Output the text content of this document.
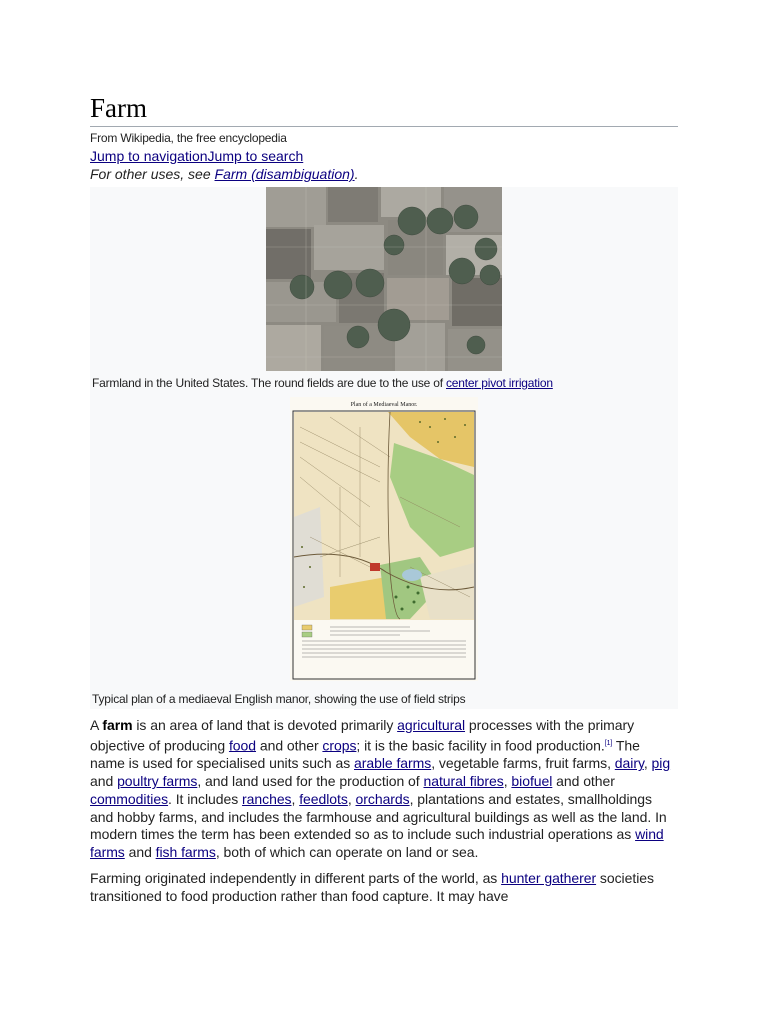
Farm
From Wikipedia, the free encyclopedia
Jump to navigationJump to search
For other uses, see Farm (disambiguation).
Farmland in the United States. The round fields are due to the use of center pivot irrigation
Plan of a Mediaeval Manor.
Typical plan of a mediaeval English manor, showing the use of field strips

A farm is an area of land that is devoted primarily agricultural processes with the primary objective of producing food and other crops; it is the basic facility in food production.[1] The name is used for specialised units such as arable farms, vegetable farms, fruit farms, dairy, pig and poultry farms, and land used for the production of natural fibres, biofuel and other commodities. It includes ranches, feedlots, orchards, plantations and estates, smallholdings and hobby farms, and includes the farmhouse and agricultural buildings as well as the land. In modern times the term has been extended so as to include such industrial operations as wind farms and fish farms, both of which can operate on land or sea.

Farming originated independently in different parts of the world, as hunter gatherer societies transitioned to food production rather than food capture. It may have
